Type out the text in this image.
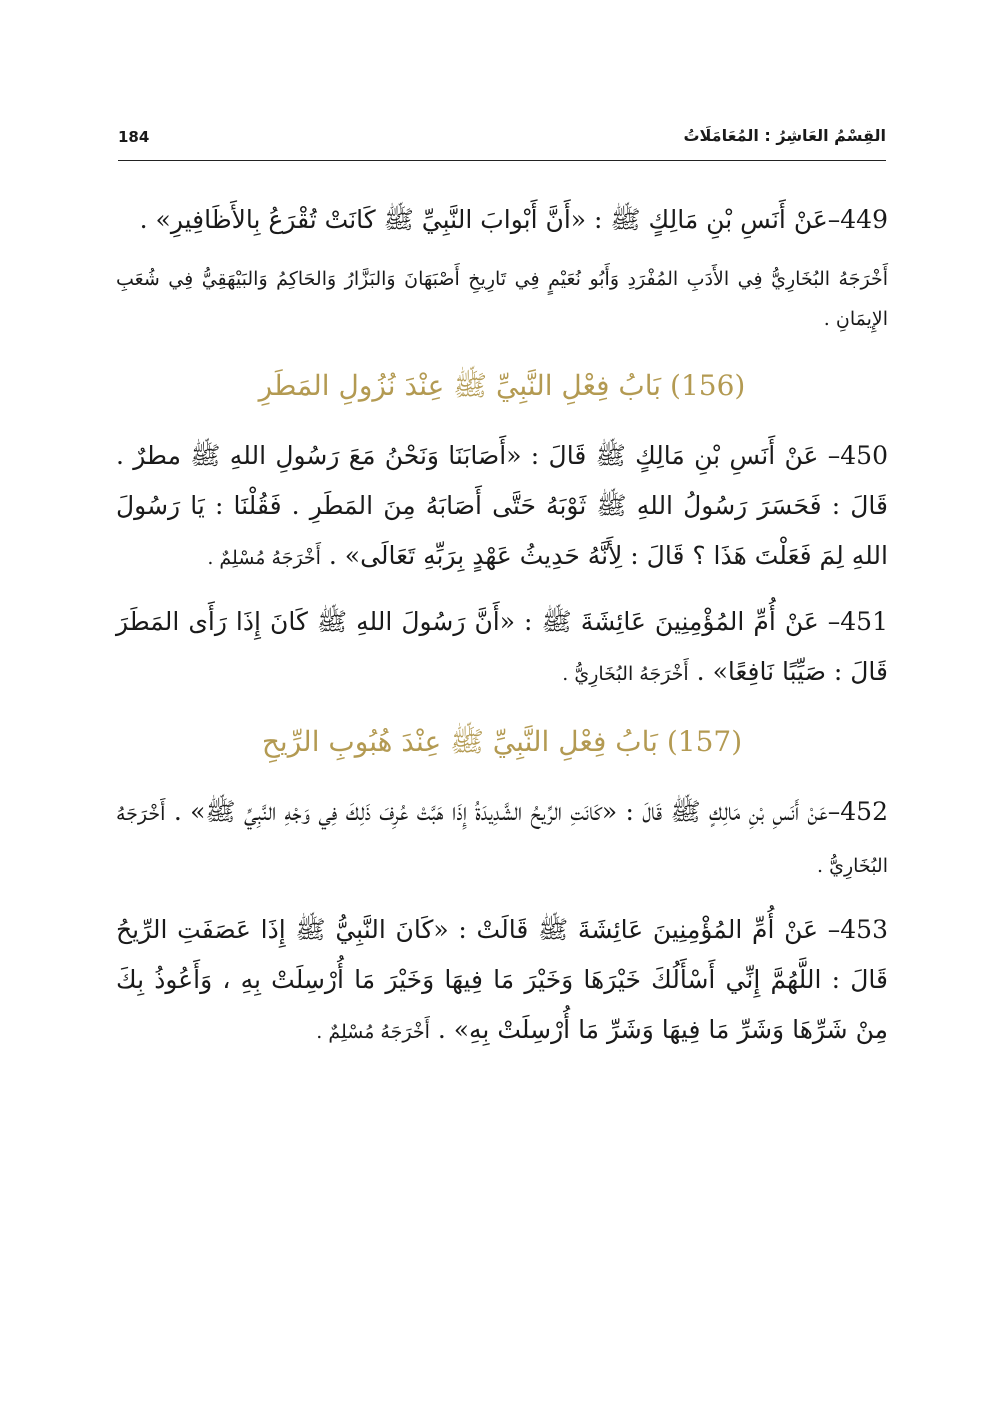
القِسْمُ العَاشِرُ : المُعَامَلَاتُ
184

449–عَنْ أَنَسِ بْنِ مَالِكٍ ﷺ : «أَنَّ أَبْوابَ النَّبِيِّ ﷺ كَانَتْ تُقْرَعُ بِالأَظَافِيرِ» .

أَخْرَجَهُ البُخَارِيُّ فِي الأَدَبِ المُفْرَدِ وَأَبُو نُعَيْمٍ فِي تَارِيخِ أَصْبَهَانَ وَالبَزَّارُ وَالحَاكِمُ وَالبَيْهَقِيُّ فِي شُعَبِ الإِيمَانِ .

(156) بَابُ فِعْلِ النَّبِيِّ ﷺ عِنْدَ نُزُولِ المَطَرِ

450– عَنْ أَنَسِ بْنِ مَالِكٍ ﷺ قَالَ : «أَصَابَنَا وَنَحْنُ مَعَ رَسُولِ اللهِ ﷺ مطرٌ . قَالَ : فَحَسَرَ رَسُولُ اللهِ ﷺ ثَوْبَهُ حَتَّى أَصَابَهُ مِنَ المَطَرِ . فَقُلْنَا : يَا رَسُولَ اللهِ لِمَ فَعَلْتَ هَذَا ؟ قَالَ : لِأَنَّهُ حَدِيثُ عَهْدٍ بِرَبِّهِ تَعَالَى» . أَخْرَجَهُ مُسْلِمٌ .

451– عَنْ أُمِّ المُؤْمِنِينَ عَائِشَةَ ﷺ : «أَنَّ رَسُولَ اللهِ ﷺ كَانَ إِذَا رَأَى المَطَرَ قَالَ : صَيِّبًا نَافِعًا» . أَخْرَجَهُ البُخَارِيُّ .

(157) بَابُ فِعْلِ النَّبِيِّ ﷺ عِنْدَ هُبُوبِ الرِّيحِ

452–عَنْ أَنَسِ بْنِ مَالِكٍ ﷺ قَالَ : «كَانَتِ الرِّيحُ الشَّدِيدَةُ إِذَا هَبَّتْ عُرِفَ ذَلِكَ فِي وَجْهِ النَّبِيِّ ﷺ» . أَخْرَجَهُ البُخَارِيُّ .

453– عَنْ أُمِّ المُؤْمِنِينَ عَائِشَةَ ﷺ قَالَتْ : «كَانَ النَّبِيُّ ﷺ إِذَا عَصَفَتِ الرِّيحُ قَالَ : اللَّهُمَّ إِنِّي أَسْأَلُكَ خَيْرَهَا وَخَيْرَ مَا فِيهَا وَخَيْرَ مَا أُرْسِلَتْ بِهِ ، وَأَعُوذُ بِكَ مِنْ شَرِّهَا وَشَرِّ مَا فِيهَا وَشَرِّ مَا أُرْسِلَتْ بِهِ» . أَخْرَجَهُ مُسْلِمٌ .
